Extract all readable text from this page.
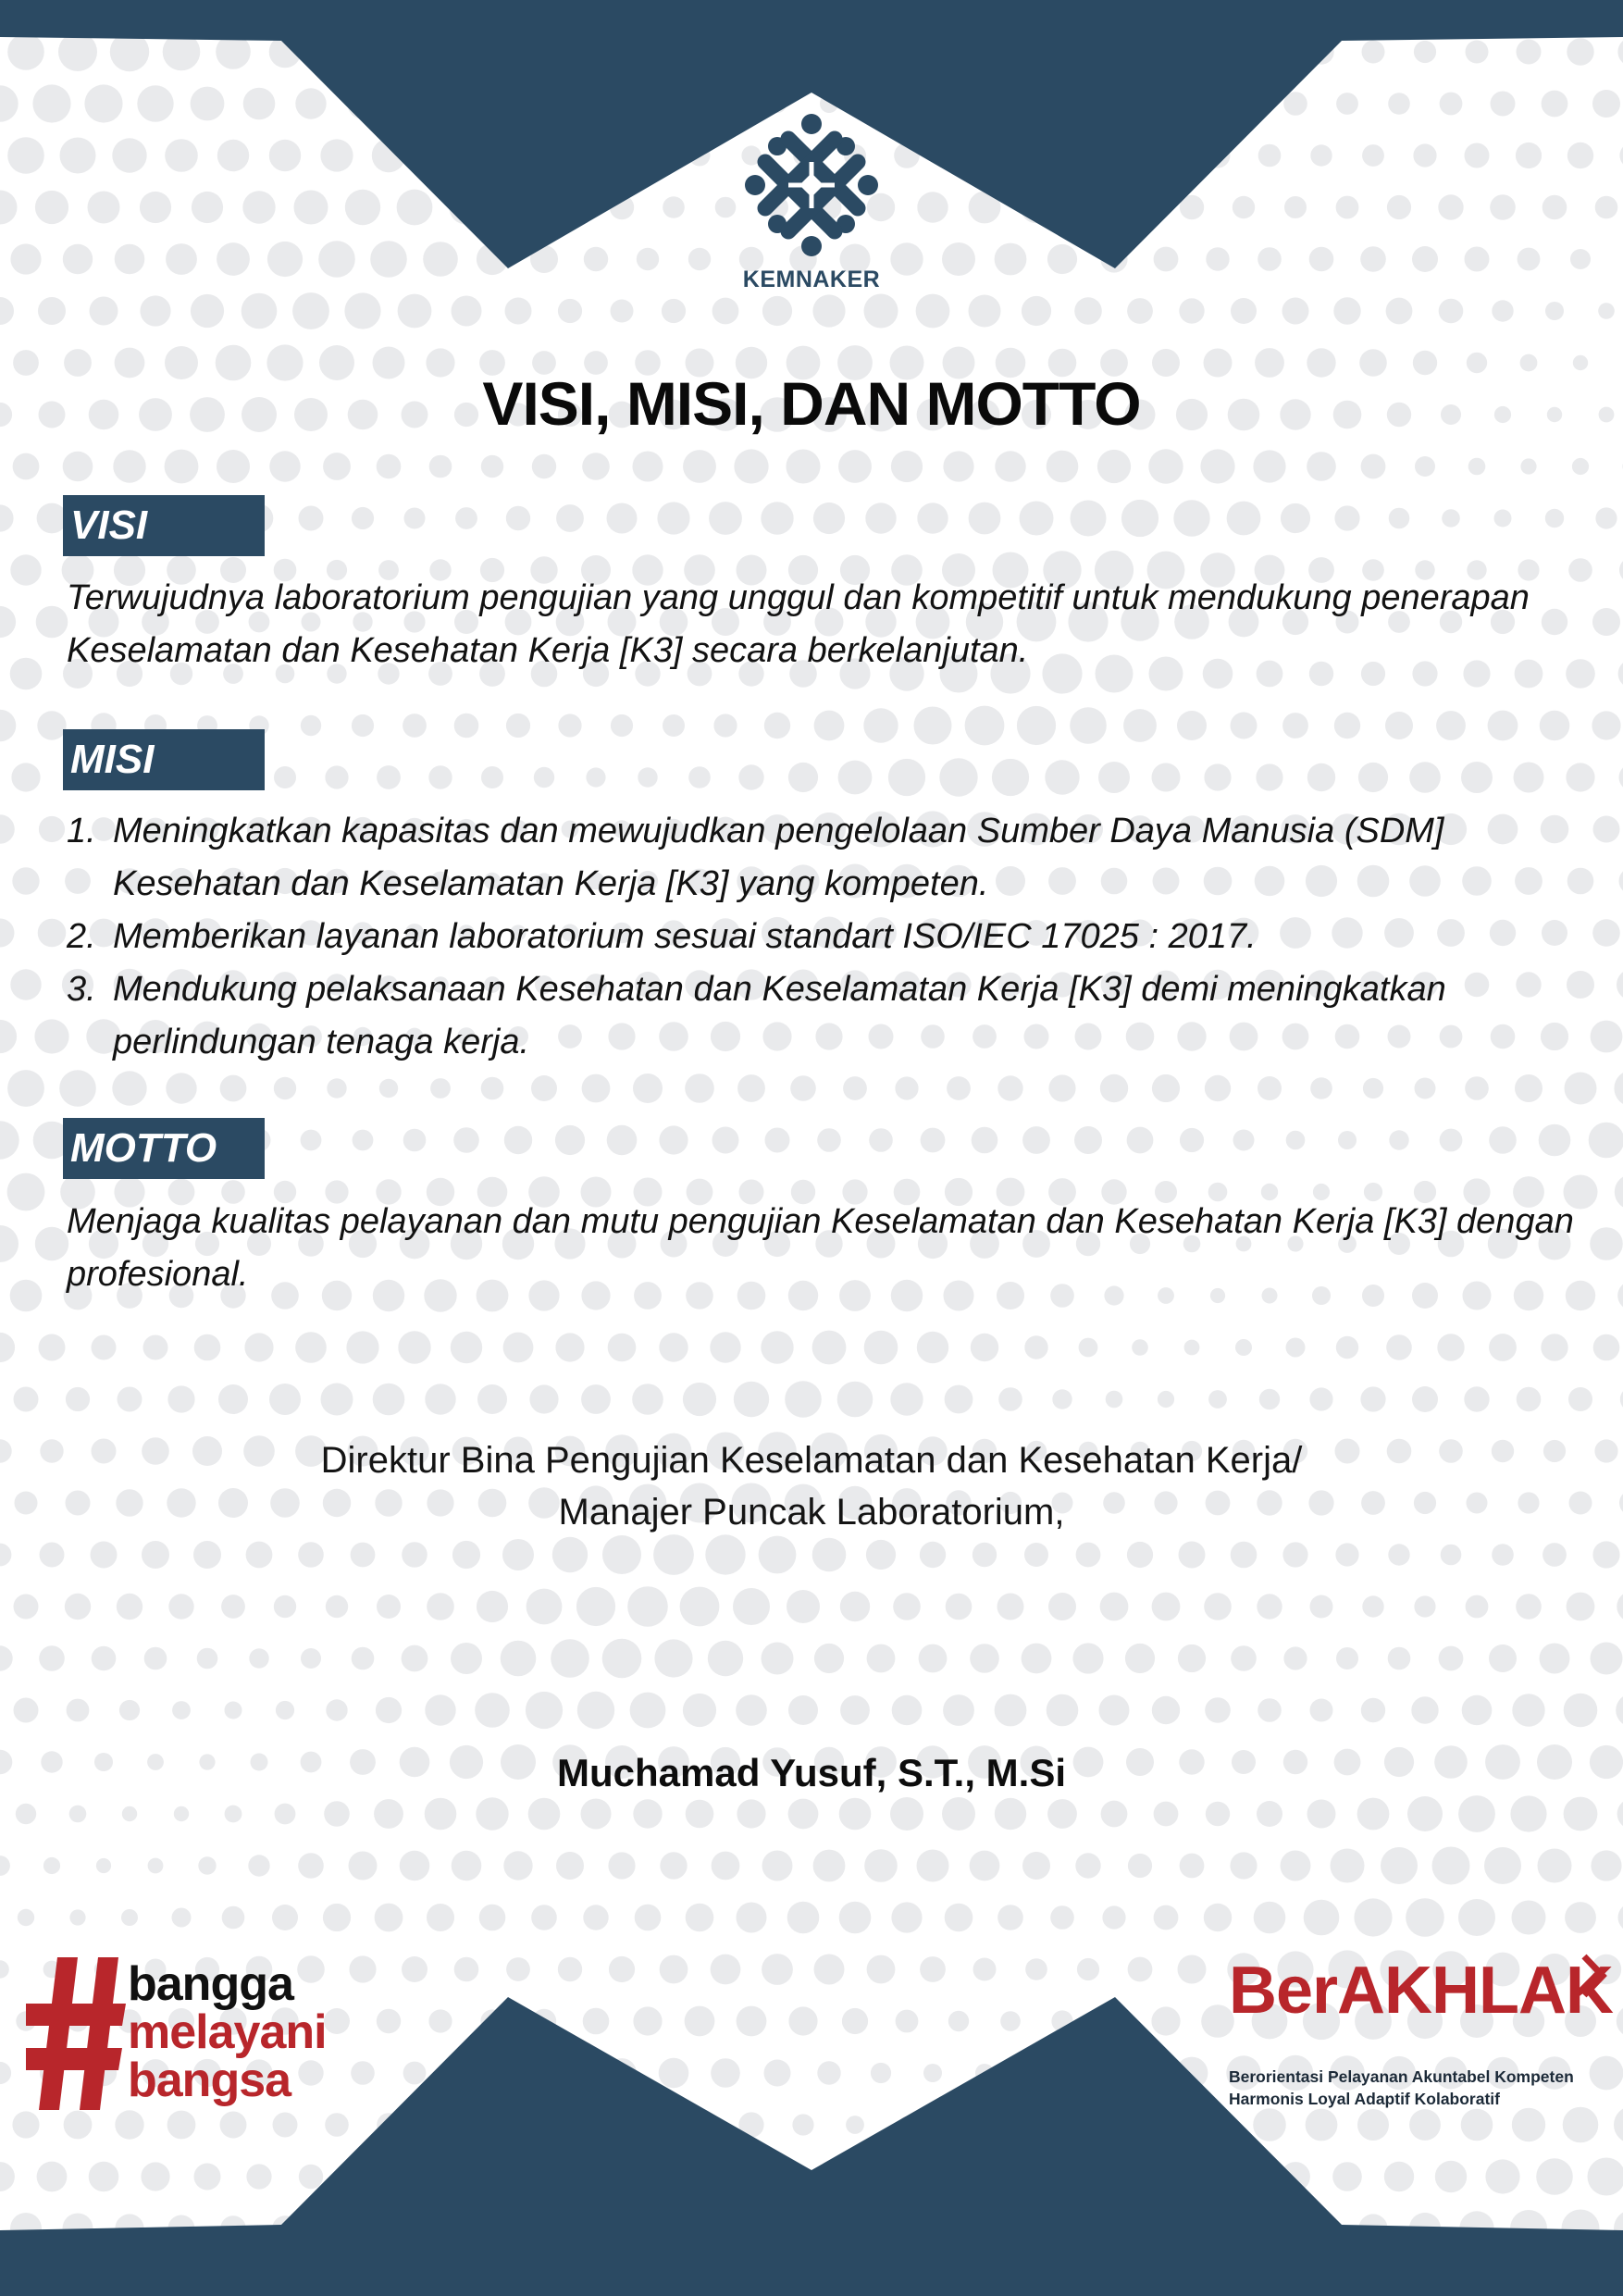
KEMNAKER
VISI, MISI, DAN MOTTO
VISI
Terwujudnya laboratorium pengujian yang unggul dan kompetitif untuk mendukung penerapan Keselamatan dan Kesehatan Kerja [K3] secara berkelanjutan.
MISI
1. Meningkatkan kapasitas dan mewujudkan pengelolaan Sumber Daya Manusia (SDM] Kesehatan dan Keselamatan Kerja [K3] yang kompeten.
2. Memberikan layanan laboratorium sesuai standart ISO/IEC 17025 : 2017.
3. Mendukung pelaksanaan Kesehatan dan Keselamatan Kerja [K3] demi meningkatkan perlindungan tenaga kerja.
MOTTO
Menjaga kualitas pelayanan dan mutu pengujian Keselamatan dan Kesehatan Kerja [K3] dengan profesional.
Direktur Bina Pengujian Keselamatan dan Kesehatan Kerja/
Manajer Puncak Laboratorium,
Muchamad Yusuf, S.T., M.Si
bangga
melayani
bangsa
BerAKHLAK
Berorientasi Pelayanan Akuntabel Kompeten
Harmonis Loyal Adaptif Kolaboratif
